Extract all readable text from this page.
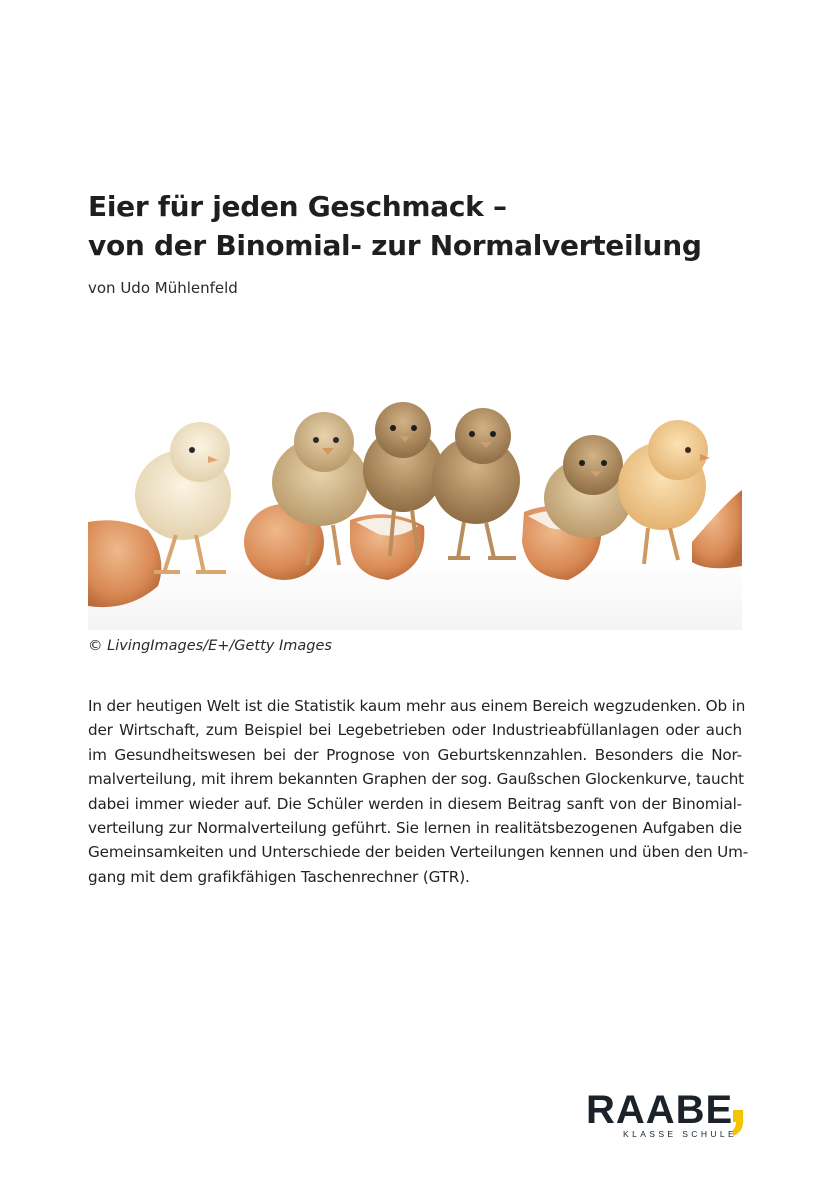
Eier für jeden Geschmack –
von der Binomial- zur Normalverteilung
von Udo Mühlenfeld
© LivingImages/E+/Getty Images
In der heutigen Welt ist die Statistik kaum mehr aus einem Bereich wegzudenken. Ob in
der Wirtschaft, zum Beispiel bei Legebetrieben oder Industrieabfüllanlagen oder auch
im Gesundheitswesen bei der Prognose von Geburtskennzahlen. Besonders die Nor-
malverteilung, mit ihrem bekannten Graphen der sog. Gaußschen Glockenkurve, taucht
dabei immer wieder auf. Die Schüler werden in diesem Beitrag sanft von der Binomial-
verteilung zur Normalverteilung geführt. Sie lernen in realitätsbezogenen Aufgaben die
Gemeinsamkeiten und Unterschiede der beiden Verteilungen kennen und üben den Um-
gang mit dem grafikfähigen Taschenrechner (GTR).
RAABE
KLASSE SCHULE
